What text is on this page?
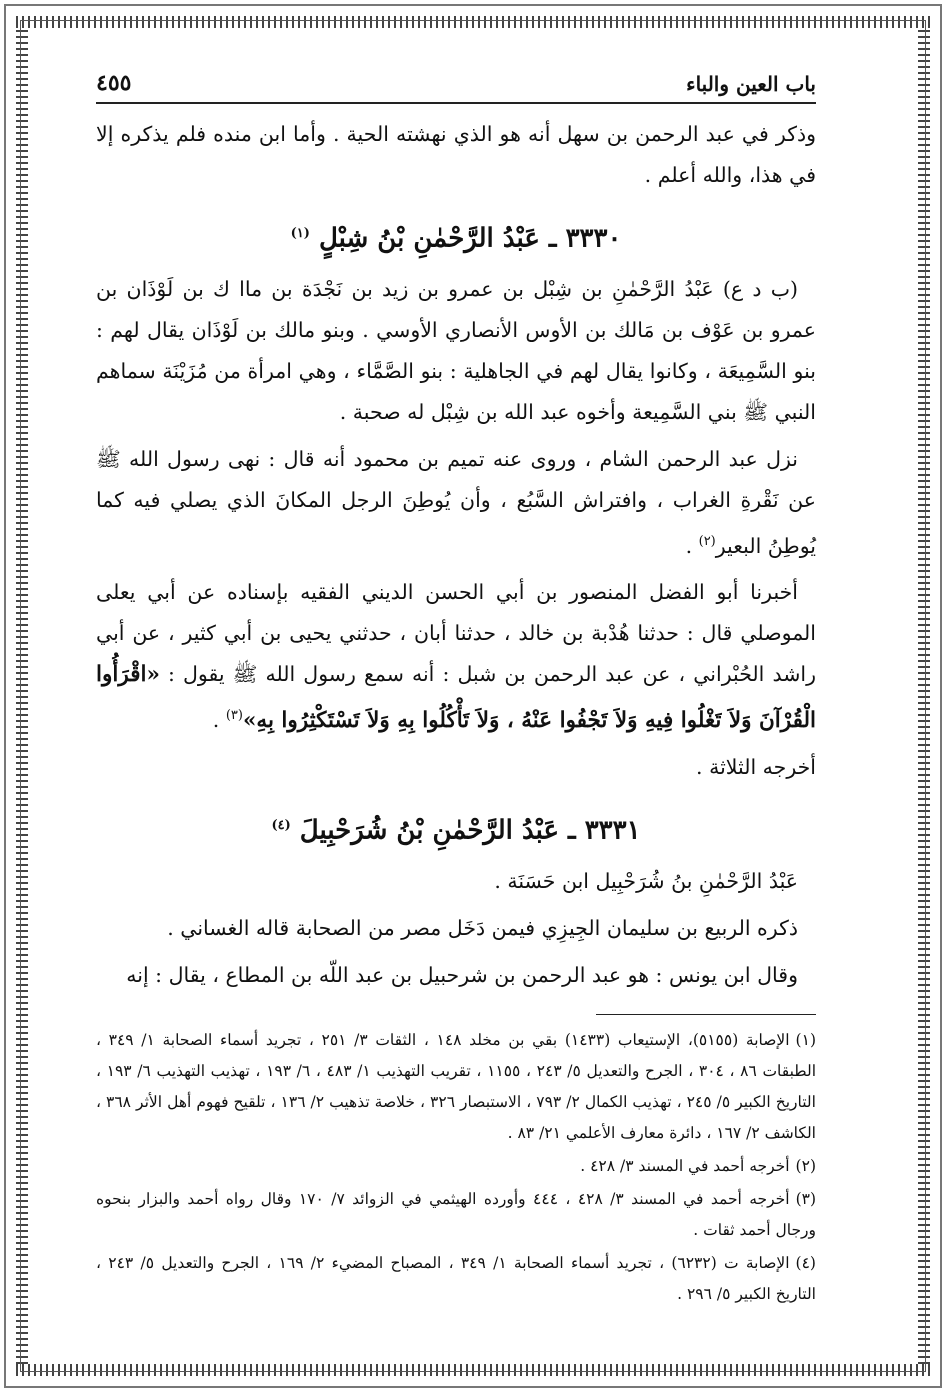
باب العين والباء
٤٥٥

وذكر في عبد الرحمن بن سهل أنه هو الذي نهشته الحية . وأما ابن منده فلم يذكره إلا في هذا، والله أعلم .

٣٣٣٠ ـ عَبْدُ الرَّحْمٰنِ بْنُ شِبْلٍ $^{(١)}$

(ب د ع) عَبْدُ الرَّحْمٰنِ بن شِبْل بن عمرو بن زيد بن نَجْدَة بن ماا ك بن لَوْذَان بن عمرو بن عَوْف بن مَالك بن الأوس الأنصاري الأوسي . وبنو مالك بن لَوْذَان يقال لهم : بنو السَّمِيعَة ، وكانوا يقال لهم في الجاهلية : بنو الصَّمَّاء ، وهي امرأة من مُزَيْنَة سماهم النبي ﷺ بني السَّمِيعة وأخوه عبد الله بن شِبْل له صحبة .

نزل عبد الرحمن الشام ، وروى عنه تميم بن محمود أنه قال : نهى رسول الله ﷺ عن نَقْرةِ الغراب ، وافتراش السَّبُع ، وأن يُوطِنَ الرجل المكانَ الذي يصلي فيه كما يُوطِنُ البعير$^{(٢)}$ .

أخبرنا أبو الفضل المنصور بن أبي الحسن الديني الفقيه بإسناده عن أبي يعلى الموصلي قال : حدثنا هُدْبة بن خالد ، حدثنا أبان ، حدثني يحيى بن أبي كثير ، عن أبي راشد الحُبْراني ، عن عبد الرحمن بن شبل : أنه سمع رسول الله ﷺ يقول : «اقْرَأُوا الْقُرْآنَ وَلاَ تَغْلُوا فِيهِ وَلاَ تَجْفُوا عَنْهُ ، وَلاَ تَأْكُلُوا بِهِ وَلاَ تَسْتَكْثِرُوا بِهِ»$^{(٣)}$ .

أخرجه الثلاثة .

٣٣٣١ ـ عَبْدُ الرَّحْمٰنِ بْنُ شُرَحْبِيلَ $^{(٤)}$

عَبْدُ الرَّحْمٰنِ بنُ شُرَحْبِيل ابن حَسَنَة .

ذكره الربيع بن سليمان الجِيزِي فيمن دَخَل مصر من الصحابة قاله الغساني .

وقال ابن يونس : هو عبد الرحمن بن شرحبيل بن عبد اللّه بن المطاع ، يقال : إنه

(١)الإصابة (٥١٥٥)، الإستيعاب (١٤٣٣) بقي بن مخلد ١٤٨ ، الثقات ٣/ ٢٥١ ، تجريد أسماء الصحابة ١/ ٣٤٩ ، الطبقات ٨٦ ، ٣٠٤ ، الجرح والتعديل ٥/ ٢٤٣ ، ١١٥٥ ، تقريب التهذيب ١/ ٤٨٣ ، ٦/ ١٩٣ ، تهذيب التهذيب ٦/ ١٩٣ ، التاريخ الكبير ٥/ ٢٤٥ ، تهذيب الكمال ٢/ ٧٩٣ ، الاستبصار ٣٢٦ ، خلاصة تذهيب ٢/ ١٣٦ ، تلقيح فهوم أهل الأثر ٣٦٨ ، الكاشف ٢/ ١٦٧ ، دائرة معارف الأعلمي ٢١/ ٨٣ .

(٢)أخرجه أحمد في المسند ٣/ ٤٢٨ .

(٣)أخرجه أحمد في المسند ٣/ ٤٢٨ ، ٤٤٤ وأورده الهيثمي في الزوائد ٧/ ١٧٠ وقال رواه أحمد والبزار بنحوه ورجال أحمد ثقات .

(٤)الإصابة ت (٦٢٣٢) ، تجريد أسماء الصحابة ١/ ٣٤٩ ، المصباح المضيء ٢/ ١٦٩ ، الجرح والتعديل ٥/ ٢٤٣ ، التاريخ الكبير ٥/ ٢٩٦ .
